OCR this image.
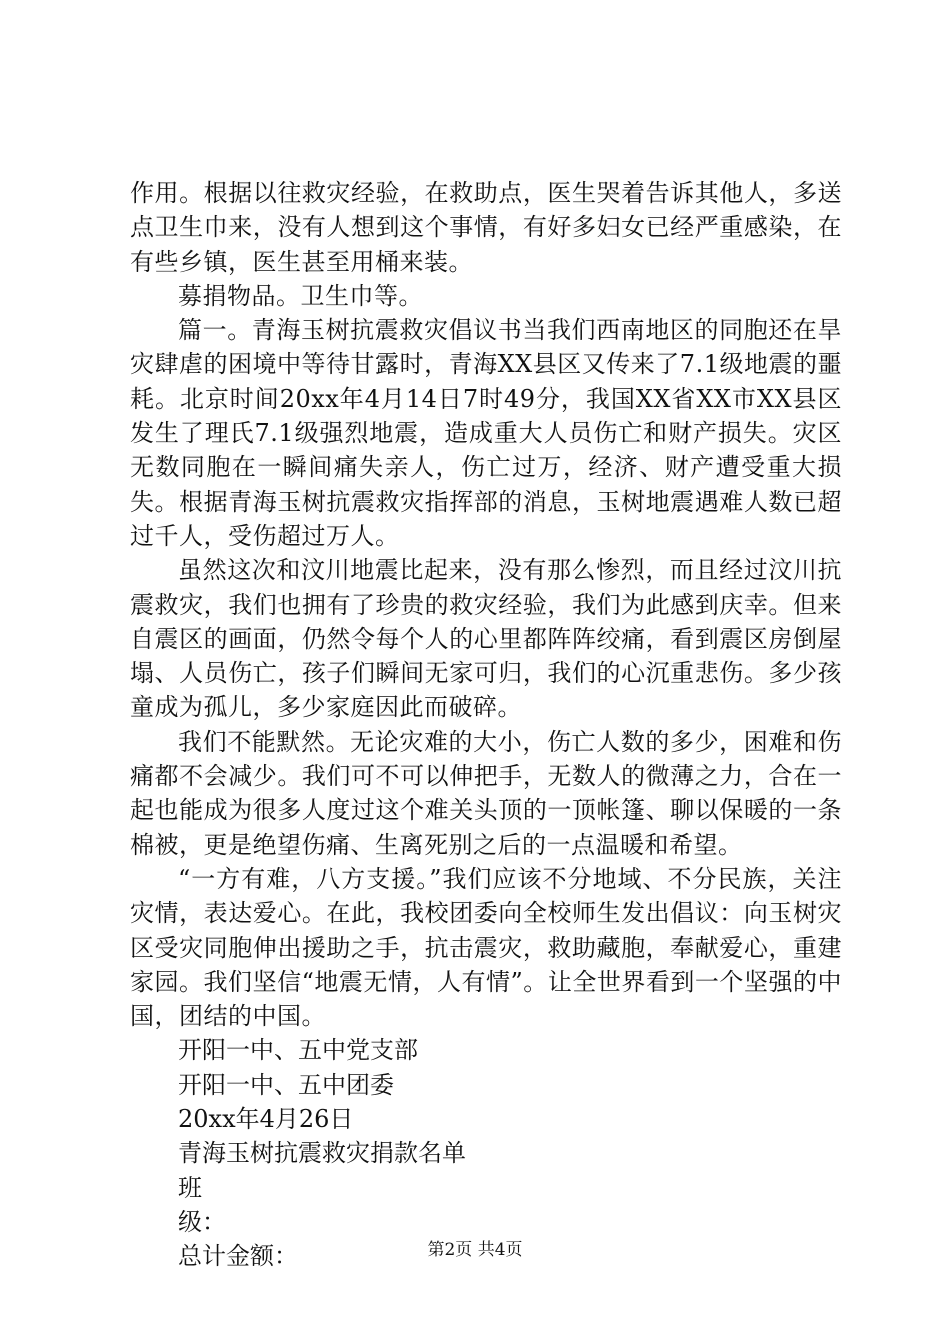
作用。根据以往救灾经验，在救助点，医生哭着告诉其他人，多送点卫生巾来，没有人想到这个事情，有好多妇女已经严重感染，在有些乡镇，医生甚至用桶来装。

募捐物品。卫生巾等。

篇一。青海玉树抗震救灾倡议书当我们西南地区的同胞还在旱灾肆虐的困境中等待甘露时，青海XX县区又传来了7.1级地震的噩耗。北京时间20xx年4月14日7时49分，我国XX省XX市XX县区发生了理氏7.1级强烈地震，造成重大人员伤亡和财产损失。灾区无数同胞在一瞬间痛失亲人，伤亡过万，经济、财产遭受重大损失。根据青海玉树抗震救灾指挥部的消息，玉树地震遇难人数已超过千人，受伤超过万人。

虽然这次和汶川地震比起来，没有那么惨烈，而且经过汶川抗震救灾，我们也拥有了珍贵的救灾经验，我们为此感到庆幸。但来自震区的画面，仍然令每个人的心里都阵阵绞痛，看到震区房倒屋塌、人员伤亡，孩子们瞬间无家可归，我们的心沉重悲伤。多少孩童成为孤儿，多少家庭因此而破碎。

我们不能默然。无论灾难的大小，伤亡人数的多少，困难和伤痛都不会减少。我们可不可以伸把手，无数人的微薄之力，合在一起也能成为很多人度过这个难关头顶的一顶帐篷、聊以保暖的一条棉被，更是绝望伤痛、生离死别之后的一点温暖和希望。

“一方有难，八方支援。”我们应该不分地域、不分民族，关注灾情，表达爱心。在此，我校团委向全校师生发出倡议：向玉树灾区受灾同胞伸出援助之手，抗击震灾，救助藏胞，奉献爱心，重建家园。我们坚信“地震无情，人有情”。让全世界看到一个坚强的中国，团结的中国。

开阳一中、五中党支部

开阳一中、五中团委

20xx年4月26日

青海玉树抗震救灾捐款名单

班

级：

总计金额：	第2页 共4页
